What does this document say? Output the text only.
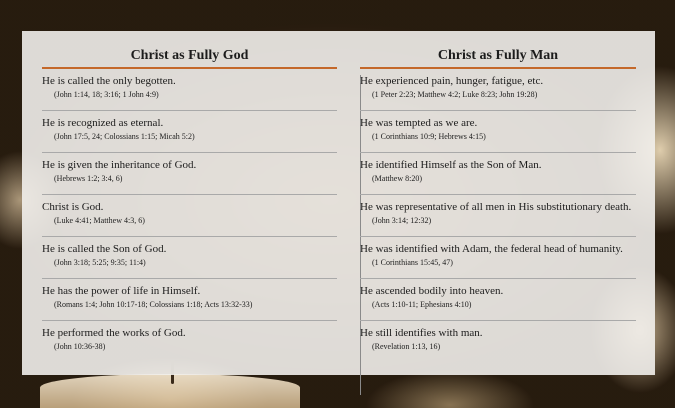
Christ as Fully God
He is called the only begotten.
(John 1:14, 18; 3:16; 1 John 4:9)
He is recognized as eternal.
(John 17:5, 24; Colossians 1:15; Micah 5:2)
He is given the inheritance of God.
(Hebrews 1:2; 3:4, 6)
Christ is God.
(Luke 4:41; Matthew 4:3, 6)
He is called the Son of God.
(John 3:18; 5:25; 9:35; 11:4)
He has the power of life in Himself.
(Romans 1:4; John 10:17-18; Colossians 1:18; Acts 13:32-33)
He performed the works of God.
(John 10:36-38)
Christ as Fully Man
He experienced pain, hunger, fatigue, etc.
(1 Peter 2:23; Matthew 4:2; Luke 8:23; John 19:28)
He was tempted as we are.
(1 Corinthians 10:9; Hebrews 4:15)
He identified Himself as the Son of Man.
(Matthew 8:20)
He was representative of all men in His substitutionary death.
(John 3:14; 12:32)
He was identified with Adam, the federal head of humanity.
(1 Corinthians 15:45, 47)
He ascended bodily into heaven.
(Acts 1:10-11; Ephesians 4:10)
He still identifies with man.
(Revelation 1:13, 16)
